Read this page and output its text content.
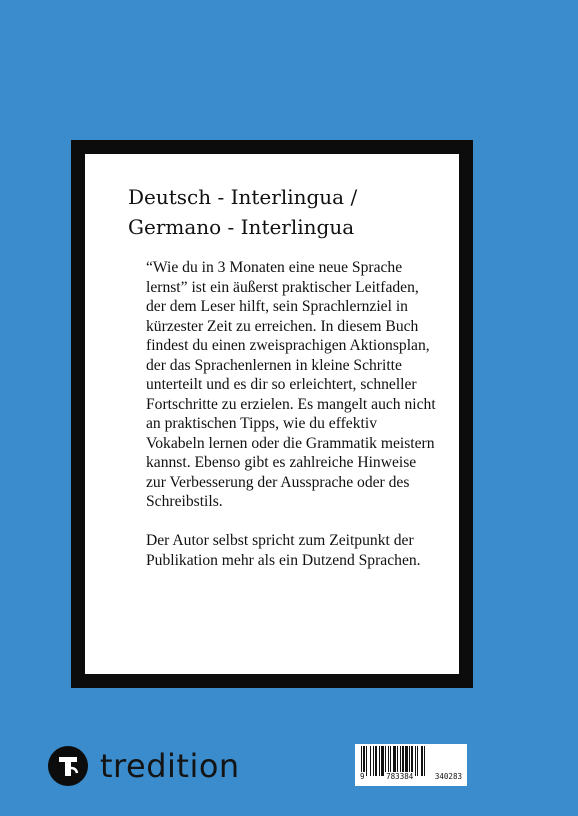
Deutsch - Interlingua /
Germano - Interlingua

“Wie du in 3 Monaten eine neue Sprache lernst” ist ein äußerst praktischer Leitfaden, der dem Leser hilft, sein Sprachlernziel in kürzester Zeit zu erreichen. In diesem Buch findest du einen zweisprachigen Aktionsplan, der das Sprachenlernen in kleine Schritte unterteilt und es dir so erleichtert, schneller Fortschritte zu erzielen. Es mangelt auch nicht an praktischen Tipps, wie du effektiv Vokabeln lernen oder die Grammatik meistern kannst. Ebenso gibt es zahlreiche Hinweise zur Verbesserung der Aussprache oder des Schreibstils.

Der Autor selbst spricht zum Zeitpunkt der Publikation mehr als ein Dutzend Sprachen.

tredition	9	783384	340283
